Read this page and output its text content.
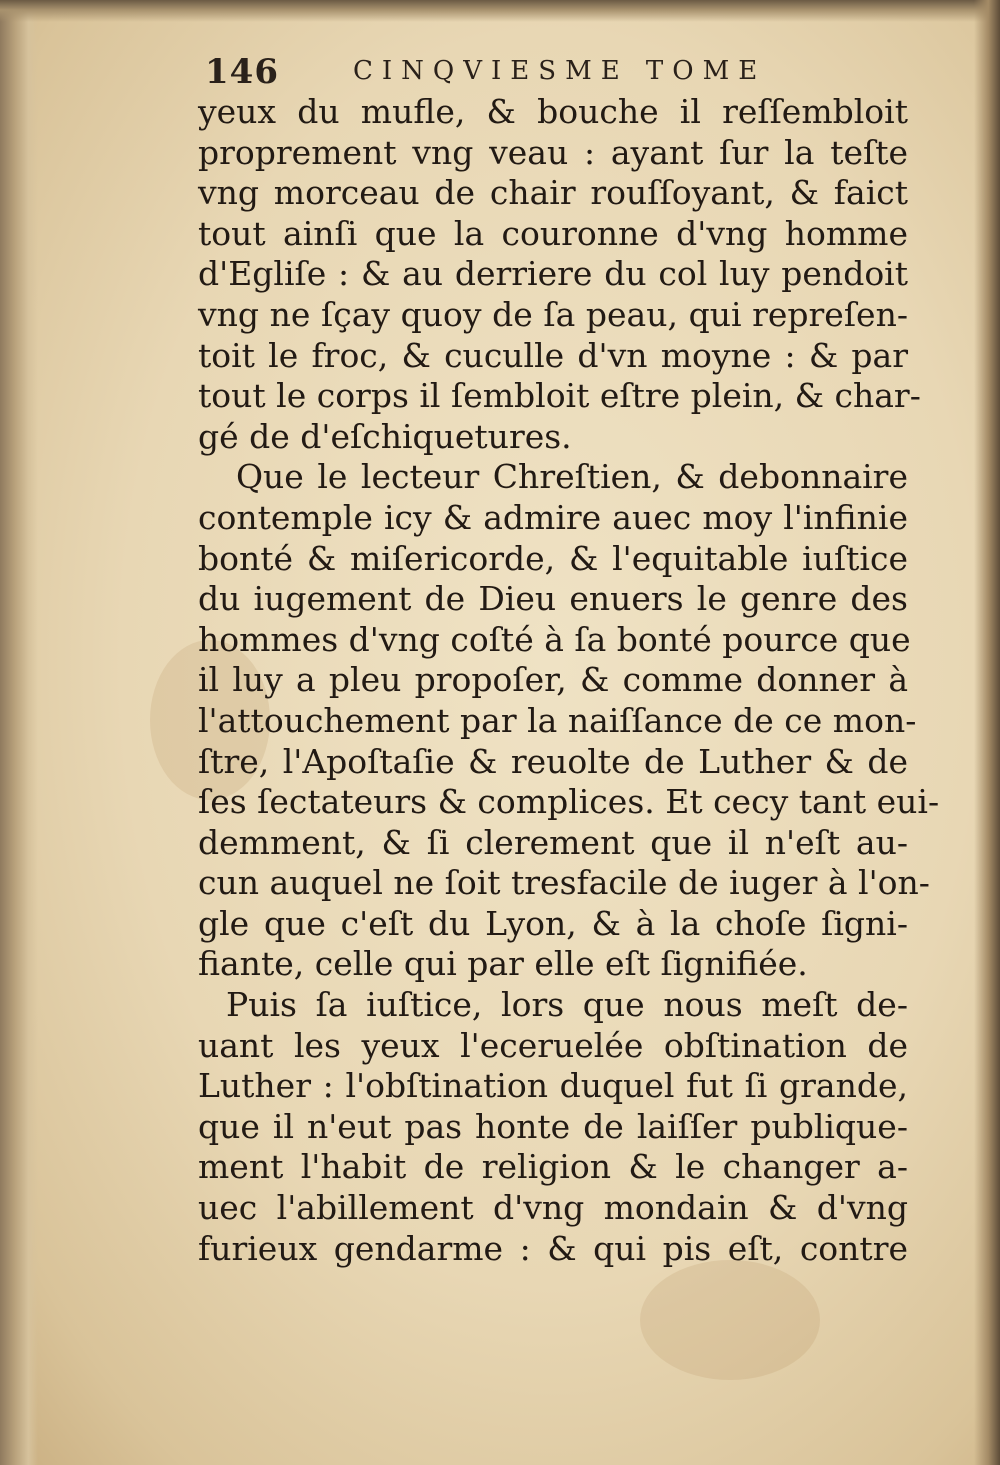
146	CINQVIESME TOME
yeux du mufle, & bouche il reſſembloit
proprement vng veau : ayant ſur la teſte
vng morceau de chair rouſſoyant, & faict
tout ainſi que la couronne d'vng homme
d'Egliſe : & au derriere du col luy pendoit
vng ne ſçay quoy de ſa peau, qui repreſen-
toit le froc, & cuculle d'vn moyne : & par
tout le corps il ſembloit eſtre plein, & char-
gé de d'eſchiquetures.
Que le lecteur Chreſtien, & debonnaire
contemple icy & admire auec moy l'infinie
bonté & miſericorde, & l'equitable iuſtice
du iugement de Dieu enuers le genre des
hommes d'vng coſté à ſa bonté pource que
il luy a pleu propoſer, & comme donner à
l'attouchement par la naiſſance de ce mon-
ſtre, l'Apoſtaſie & reuolte de Luther & de
ſes ſectateurs & complices. Et cecy tant eui-
demment, & ſi clerement que il n'eſt au-
cun auquel ne ſoit tresfacile de iuger à l'on-
gle que c'eſt du Lyon, & à la choſe ſigni-
fiante, celle qui par elle eſt ſignifiée.
Puis ſa iuſtice, lors que nous meſt de-
uant les yeux l'eceruelée obſtination de
Luther : l'obſtination duquel fut ſi grande,
que il n'eut pas honte de laiſſer publique-
ment l'habit de religion & le changer a-
uec l'abillement d'vng mondain & d'vng
furieux gendarme : & qui pis eſt, contre
